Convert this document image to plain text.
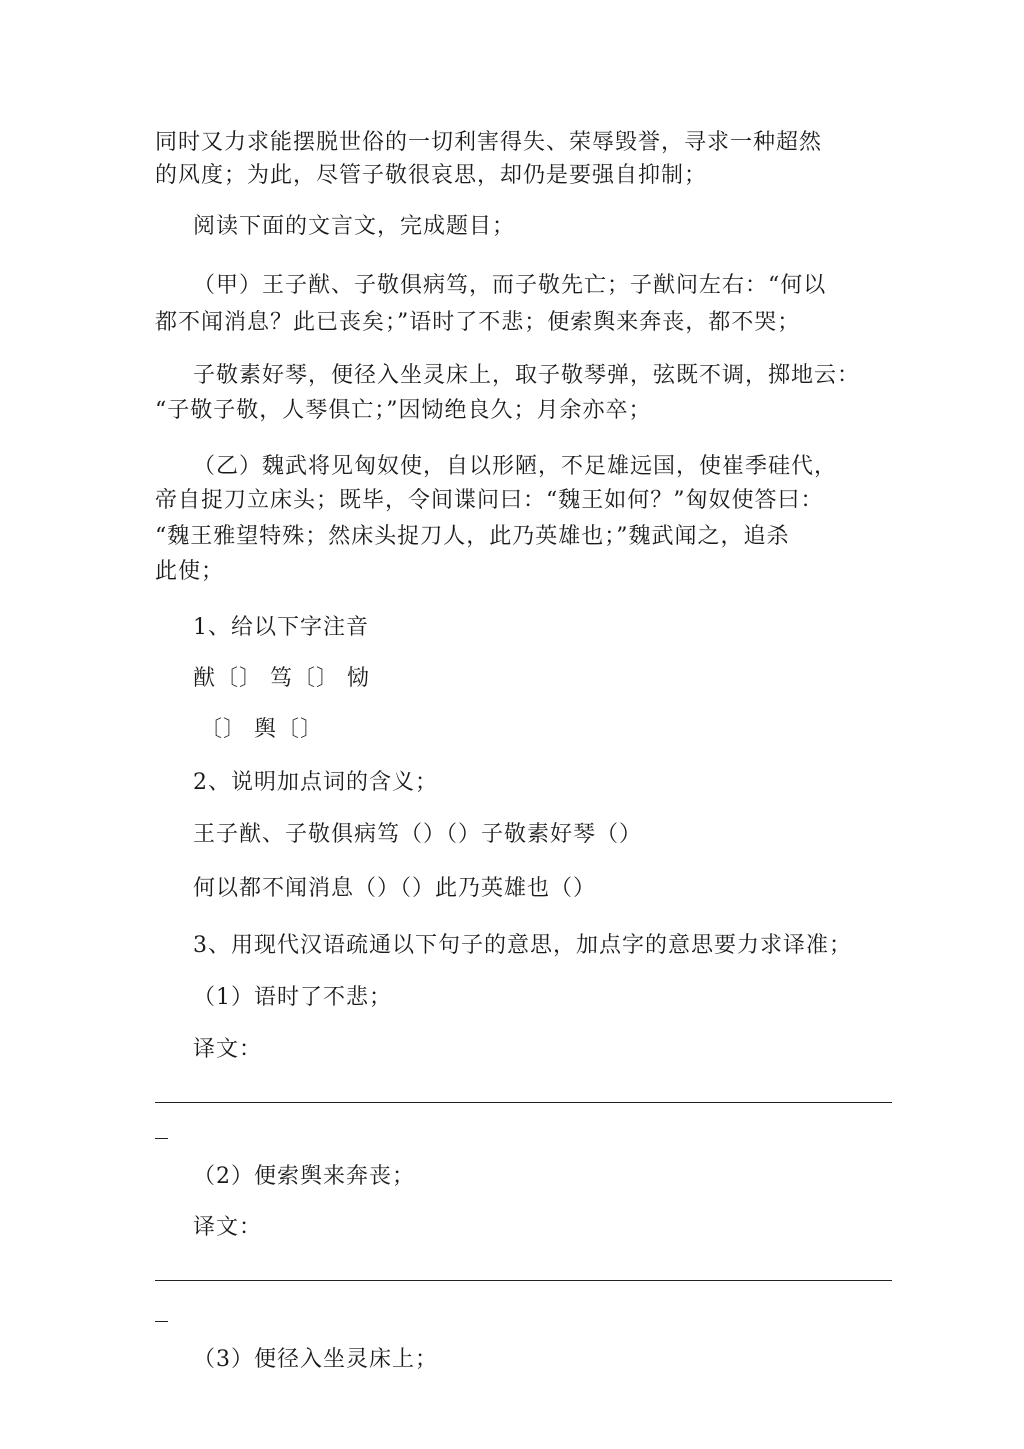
同时又力求能摆脱世俗的一切利害得失、荣辱毁誉，寻求一种超然
的风度；为此，尽管子敬很哀思，却仍是要强自抑制；
阅读下面的文言文，完成题目；
（甲）王子猷、子敬俱病笃，而子敬先亡；子猷问左右：“何以
都不闻消息？此已丧矣；”语时了不悲；便索舆来奔丧，都不哭；
子敬素好琴，便径入坐灵床上，取子敬琴弹，弦既不调，掷地云：
“子敬子敬，人琴俱亡；”因恸绝良久；月余亦卒；
（乙）魏武将见匈奴使，自以形陋，不足雄远国，使崔季硅代，
帝自捉刀立床头；既毕，令间谍问曰：“魏王如何？”匈奴使答曰：
“魏王雅望特殊；然床头捉刀人，此乃英雄也；”魏武闻之，追杀
此使；
1、给以下字注音
猷〔〕 笃〔〕 恸
〔〕 舆〔〕
2、说明加点词的含义；
王子猷、子敬俱病笃（）（）子敬素好琴（）
何以都不闻消息（）（）此乃英雄也（）
3、用现代汉语疏通以下句子的意思，加点字的意思要力求译准；
（1）语时了不悲；
译文：
（2）便索舆来奔丧；
译文：
（3）便径入坐灵床上；
